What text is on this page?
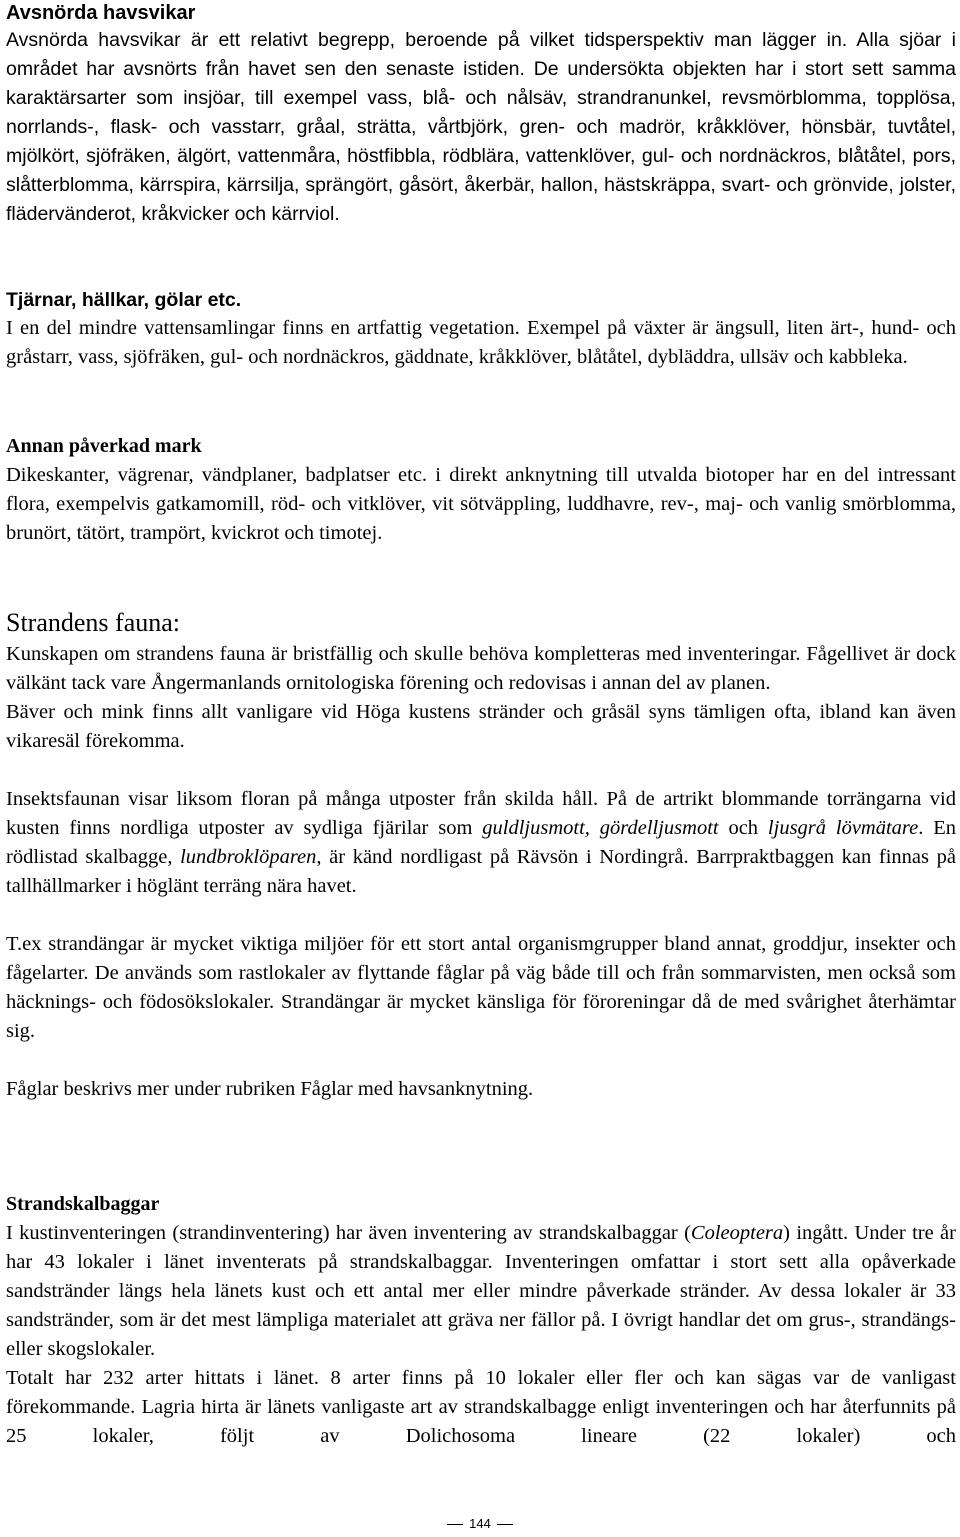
Avsnörda havsvikar

Avsnörda havsvikar är ett relativt begrepp, beroende på vilket tidsperspektiv man lägger in. Alla sjöar i området har avsnörts från havet sen den senaste istiden. De undersökta objekten har i stort sett samma karaktärsarter som insjöar, till exempel vass, blå- och nålsäv, strandranunkel, revsmörblomma, topplösa, norrlands-, flask- och vasstarr, gråal, strätta, vårtbjörk, gren- och madrör, kråkklöver, hönsbär, tuvtåtel, mjölkört, sjöfräken, älgört, vattenmåra, höstfibbla, rödblära, vattenklöver, gul- och nordnäckros, blåtåtel, pors, slåtterblomma, kärrspira, kärrsilja, sprängört, gåsört, åkerbär, hallon, hästskräppa, svart- och grönvide, jolster, flädervänderot, kråkvicker och kärrviol.

Tjärnar, hällkar, gölar etc.

I en del mindre vattensamlingar finns en artfattig vegetation. Exempel på växter är ängsull, liten ärt-, hund- och gråstarr, vass, sjöfräken, gul- och nordnäckros, gäddnate, kråkklöver, blåtåtel, dybläddra, ullsäv och kabbleka.

Annan påverkad mark

Dikeskanter, vägrenar, vändplaner, badplatser etc. i direkt anknytning till utvalda biotoper har en del intressant flora, exempelvis gatkamomill, röd- och vitklöver, vit sötväppling, luddhavre, rev-, maj- och vanlig smörblomma, brunört, tätört, trampört, kvickrot och timotej.

Strandens fauna:

Kunskapen om strandens fauna är bristfällig och skulle behöva kompletteras med inventeringar. Fågellivet är dock välkänt tack vare Ångermanlands ornitologiska förening och redovisas i annan del av planen.

Bäver och mink finns allt vanligare vid Höga kustens stränder och gråsäl syns tämligen ofta, ibland kan även vikaresäl förekomma.

Insektsfaunan visar liksom floran på många utposter från skilda håll. På de artrikt blommande torrängarna vid kusten finns nordliga utposter av sydliga fjärilar som guldljusmott, gördelljusmott och ljusgrå lövmätare. En rödlistad skalbagge, lundbroklöparen, är känd nordligast på Rävsön i Nordingrå. Barrpraktbaggen kan finnas på tallhällmarker i höglänt terräng nära havet.

T.ex strandängar är mycket viktiga miljöer för ett stort antal organismgrupper bland annat, groddjur, insekter och fågelarter. De används som rastlokaler av flyttande fåglar på väg både till och från sommarvisten, men också som häcknings- och födosökslokaler. Strandängar är mycket känsliga för föroreningar då de med svårighet återhämtar sig.

Fåglar beskrivs mer under rubriken Fåglar med havsanknytning.

Strandskalbaggar

I kustinventeringen (strandinventering) har även inventering av strandskalbaggar (Coleoptera) ingått. Under tre år har 43 lokaler i länet inventerats på strandskalbaggar. Inventeringen omfattar i stort sett alla opåverkade sandstränder längs hela länets kust och ett antal mer eller mindre påverkade stränder. Av dessa lokaler är 33 sandstränder, som är det mest lämpliga materialet att gräva ner fällor på. I övrigt handlar det om grus-, strandängs- eller skogslokaler.

Totalt har 232 arter hittats i länet. 8 arter finns på 10 lokaler eller fler och kan sägas var de vanligast förekommande. Lagria hirta är länets vanligaste art av strandskalbagge enligt inventeringen och har återfunnits på 25 lokaler, följt av Dolichosoma lineare (22 lokaler) och

144
